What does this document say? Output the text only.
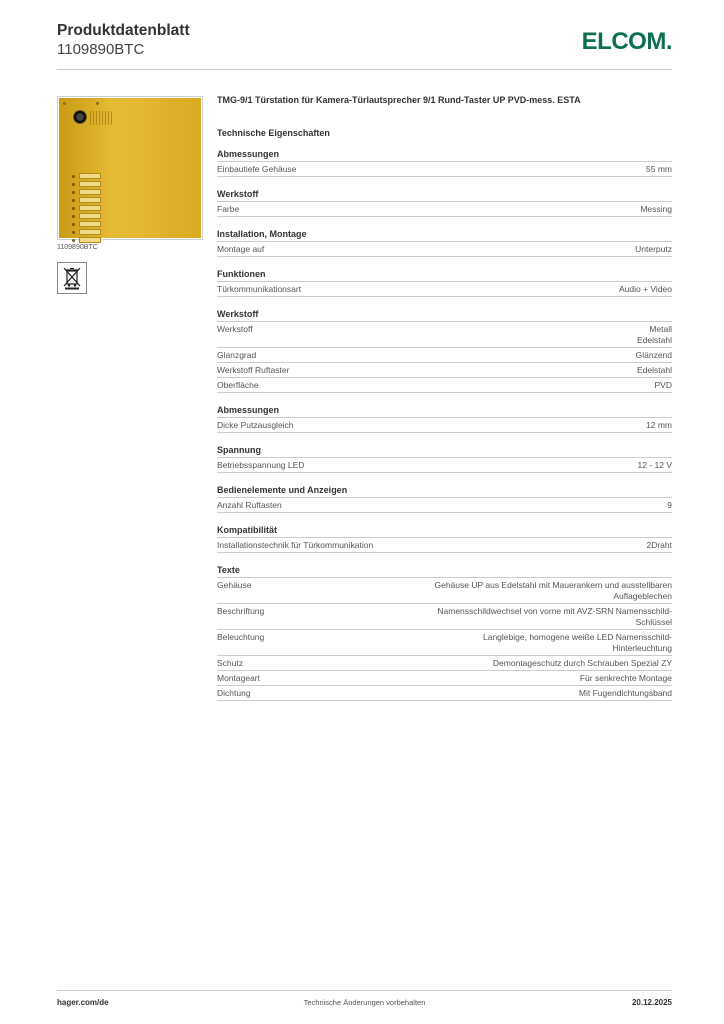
Produktdatenblatt
1109890BTC	ELCOM.
1109890BTC
TMG-9/1 Türstation für Kamera-Türlautsprecher 9/1 Rund-Taster UP PVD-mess. ESTA
Technische Eigenschaften
Abmessungen
Einbautiefe Gehäuse	55 mm
Werkstoff
Farbe	Messing
Installation, Montage
Montage auf	Unterputz
Funktionen
Türkommunikationsart	Audio + Video
Werkstoff
Werkstoff	Metall
Edelstahl
Glanzgrad	Glänzend
Werkstoff Ruftaster	Edelstahl
Oberfläche	PVD
Abmessungen
Dicke Putzausgleich	12 mm
Spannung
Betriebsspannung LED	12 - 12 V
Bedienelemente und Anzeigen
Anzahl Ruftasten	9
Kompatibilität
Installationstechnik für Türkommunikation	2Draht
Texte
Gehäuse	Gehäuse UP aus Edelstahl mit Maueranker​n und ausstellbaren
Auflageblechen
Beschriftung	Namensschildwechsel von vorne mit AVZ-SRN Namensschild-
Schlüssel
Beleuchtung	Langlebige, homogene weiße LED Namensschild-
Hinterleuchtung
Schutz	Demontageschutz durch Schrauben Spezial ZY
Montageart	Für senkrechte Montage
Dichtung	Mit Fugendichtungsband
hager.com/de	Technische Änderungen vorbehalten	20.12.2025
